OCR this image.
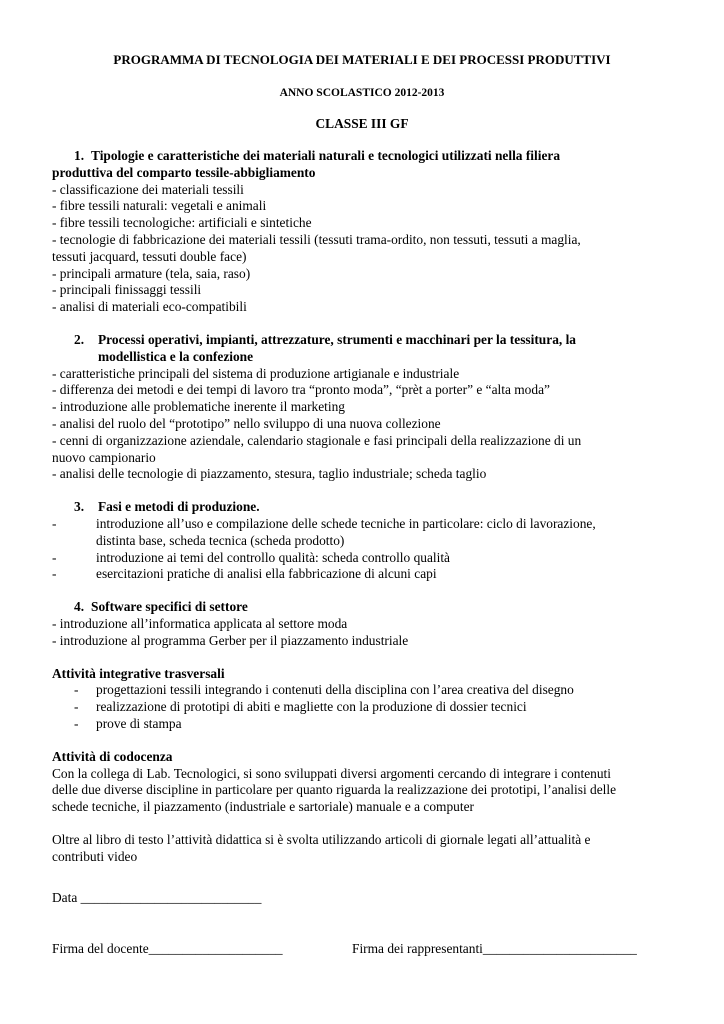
PROGRAMMA DI TECNOLOGIA DEI MATERIALI E DEI PROCESSI PRODUTTIVI
ANNO SCOLASTICO 2012-2013
CLASSE III GF
1. Tipologie e caratteristiche dei materiali naturali e tecnologici utilizzati nella filiera
produttiva del comparto tessile-abbigliamento
- classificazione dei materiali tessili
- fibre tessili naturali: vegetali e animali
- fibre tessili tecnologiche: artificiali e sintetiche
- tecnologie di fabbricazione dei materiali tessili (tessuti trama-ordito, non tessuti, tessuti a maglia,
tessuti jacquard, tessuti double face)
- principali armature (tela, saia, raso)
- principali finissaggi tessili
- analisi di materiali eco-compatibili
2.	Processi operativi, impianti, attrezzature, strumenti e macchinari per la tessitura, la
modellistica e la confezione
- caratteristiche principali del sistema di produzione artigianale e industriale
- differenza dei metodi e dei tempi di lavoro tra “pronto moda”, “prèt a porter” e “alta moda”
- introduzione alle problematiche inerente il marketing
- analisi del ruolo del “prototipo” nello sviluppo di una nuova collezione
- cenni di organizzazione aziendale, calendario stagionale e fasi principali della realizzazione di un
nuovo campionario
- analisi delle tecnologie di piazzamento, stesura, taglio industriale; scheda taglio
3.	Fasi e metodi di produzione.
-	introduzione all’uso e compilazione delle schede tecniche in particolare: ciclo di lavorazione,
distinta base, scheda tecnica (scheda prodotto)
-	introduzione ai temi del controllo qualità: scheda controllo qualità
-	esercitazioni pratiche di analisi ella fabbricazione di alcuni capi
4. Software specifici di settore
- introduzione all’informatica applicata al settore moda
- introduzione al programma Gerber per il piazzamento industriale
Attività integrative trasversali
-	progettazioni tessili integrando i contenuti della disciplina con l’area creativa del disegno
-	realizzazione di prototipi di abiti e magliette con la produzione di dossier tecnici
-	prove di stampa
Attività di codocenza
Con la collega di Lab. Tecnologici, si sono sviluppati diversi argomenti cercando di integrare i contenuti
delle due diverse discipline in particolare per quanto riguarda la realizzazione dei prototipi, l’analisi delle
schede tecniche, il piazzamento (industriale e sartoriale) manuale e a computer
Oltre al libro di testo l’attività didattica si è svolta utilizzando articoli di giornale legati all’attualità e
contributi video
Data ___________________________
Firma del docente____________________	Firma dei rappresentanti_______________________
